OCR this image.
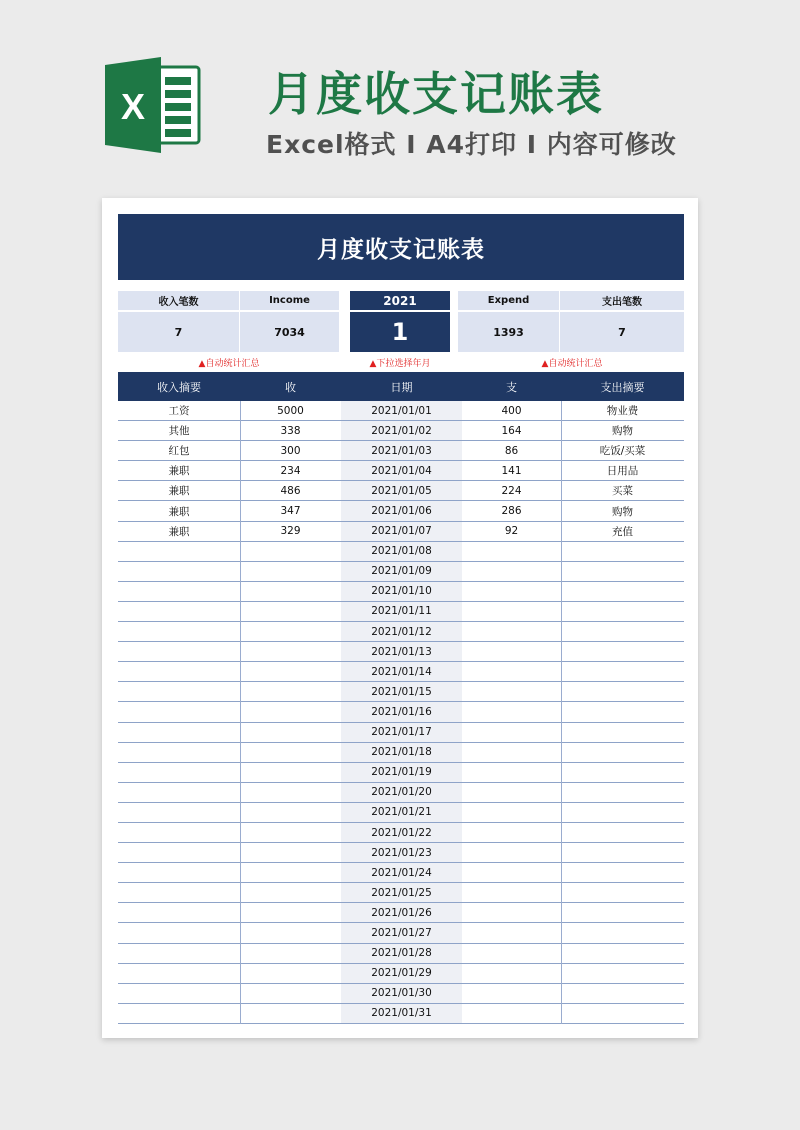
X	月度收支记账表
Excel格式 I A4打印 I 内容可修改
月度收支记账表
收入笔数	Income	2021	Expend	支出笔数
7	7034	1	1393	7
▲自动统计汇总	▲下拉选择年月	▲自动统计汇总
收入摘要	收	日期	支	支出摘要
工资	5000	2021/01/01	400	物业费
其他	338	2021/01/02	164	购物
红包	300	2021/01/03	86	吃饭/买菜
兼职	234	2021/01/04	141	日用品
兼职	486	2021/01/05	224	买菜
兼职	347	2021/01/06	286	购物
兼职	329	2021/01/07	92	充值
2021/01/08
2021/01/09
2021/01/10
2021/01/11
2021/01/12
2021/01/13
2021/01/14
2021/01/15
2021/01/16
2021/01/17
2021/01/18
2021/01/19
2021/01/20
2021/01/21
2021/01/22
2021/01/23
2021/01/24
2021/01/25
2021/01/26
2021/01/27
2021/01/28
2021/01/29
2021/01/30
2021/01/31
